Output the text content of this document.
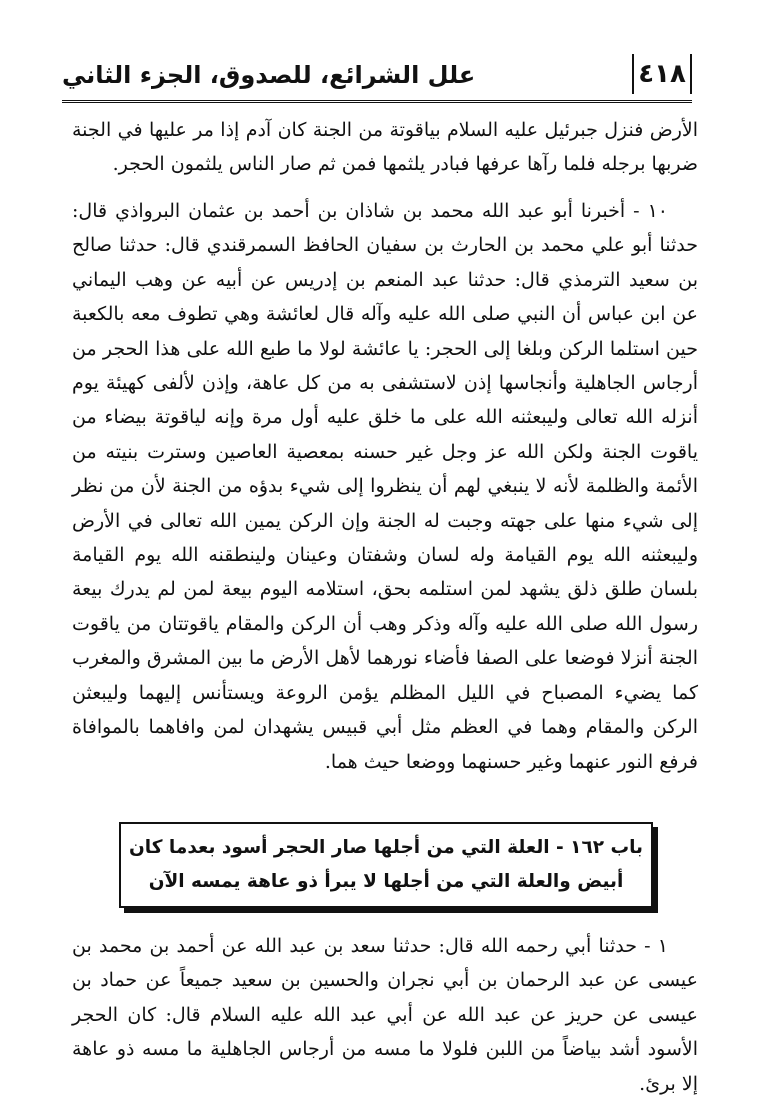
٤١٨
علل الشرائع، للصدوق، الجزء الثاني
الأرض فنزل جبرئيل عليه السلام بياقوتة من الجنة كان آدم إذا مر عليها في الجنة ضربها برجله فلما رآها عرفها فبادر يلثمها فمن ثم صار الناس يلثمون الحجر.
١٠ - أخبرنا أبو عبد الله محمد بن شاذان بن أحمد بن عثمان البرواذي قال: حدثنا أبو علي محمد بن الحارث بن سفيان الحافظ السمرقندي قال: حدثنا صالح بن سعيد الترمذي قال: حدثنا عبد المنعم بن إدريس عن أبيه عن وهب اليماني عن ابن عباس أن النبي صلى الله عليه وآله قال لعائشة وهي تطوف معه بالكعبة حين استلما الركن وبلغا إلى الحجر: يا عائشة لولا ما طبع الله على هذا الحجر من أرجاس الجاهلية وأنجاسها إذن لاستشفى به من كل عاهة، وإذن لألفى كهيئة يوم أنزله الله تعالى وليبعثنه الله على ما خلق عليه أول مرة وإنه لياقوتة بيضاء من ياقوت الجنة ولكن الله عز وجل غير حسنه بمعصية العاصين وسترت بنيته من الأئمة والظلمة لأنه لا ينبغي لهم أن ينظروا إلى شيء بدؤه من الجنة لأن من نظر إلى شيء منها على جهته وجبت له الجنة وإن الركن يمين الله تعالى في الأرض وليبعثنه الله يوم القيامة وله لسان وشفتان وعينان ولينطقنه الله يوم القيامة بلسان طلق ذلق يشهد لمن استلمه بحق، استلامه اليوم بيعة لمن لم يدرك بيعة رسول الله صلى الله عليه وآله وذكر وهب أن الركن والمقام ياقوتتان من ياقوت الجنة أنزلا فوضعا على الصفا فأضاء نورهما لأهل الأرض ما بين المشرق والمغرب كما يضيء المصباح في الليل المظلم يؤمن الروعة ويستأنس إليهما وليبعثن الركن والمقام وهما في العظم مثل أبي قبيس يشهدان لمن وافاهما بالموافاة فرفع النور عنهما وغير حسنهما ووضعا حيث هما.
باب ١٦٢ - العلة التي من أجلها صار الحجر أسود بعدما كان
أبيض والعلة التي من أجلها لا يبرأ ذو عاهة يمسه الآن
١ - حدثنا أبي رحمه الله قال: حدثنا سعد بن عبد الله عن أحمد بن محمد بن عيسى عن عبد الرحمان بن أبي نجران والحسين بن سعيد جميعاً عن حماد بن عيسى عن حريز عن عبد الله عن أبي عبد الله عليه السلام قال: كان الحجر الأسود أشد بياضاً من اللبن فلولا ما مسه من أرجاس الجاهلية ما مسه ذو عاهة إلا برئ.
